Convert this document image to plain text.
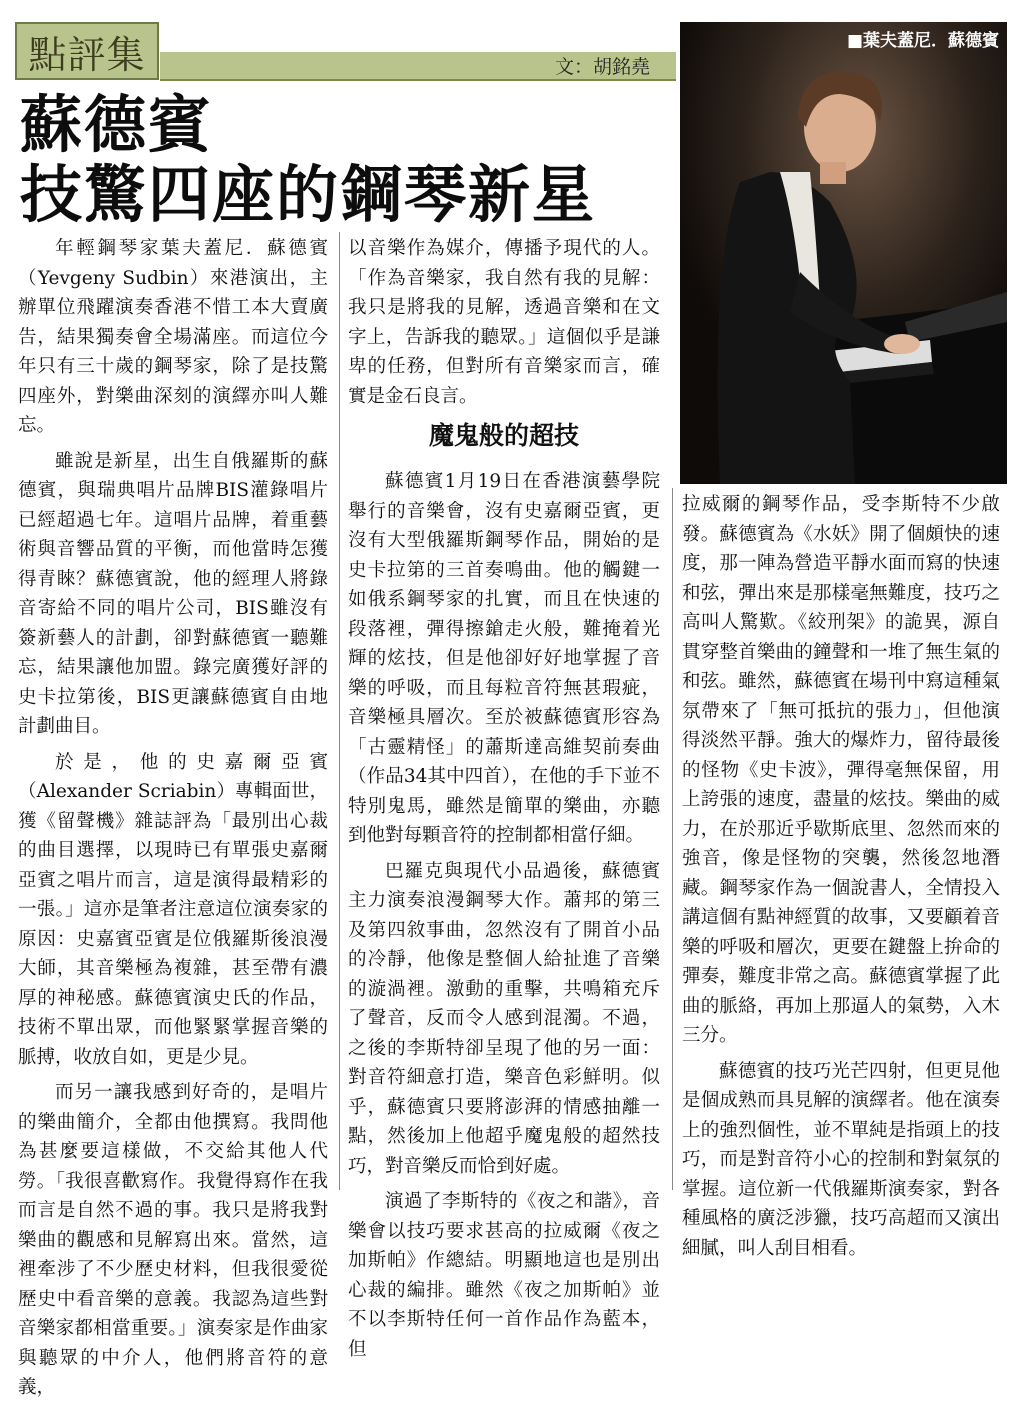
點評集	文：胡銘堯
蘇德賓
技驚四座的鋼琴新星
■葉夫蓋尼．蘇德賓

年輕鋼琴家葉夫蓋尼．蘇德賓（Yevgeny Sudbin）來港演出，主辦單位飛躍演奏香港不惜工本大賣廣告，結果獨奏會全場滿座。而這位今年只有三十歲的鋼琴家，除了是技驚四座外，對樂曲深刻的演繹亦叫人難忘。

雖說是新星，出生自俄羅斯的蘇德賓，與瑞典唱片品牌BIS灌錄唱片已經超過七年。這唱片品牌，着重藝術與音響品質的平衡，而他當時怎獲得青睞？蘇德賓說，他的經理人將錄音寄給不同的唱片公司，BIS雖沒有簽新藝人的計劃，卻對蘇德賓一聽難忘，結果讓他加盟。錄完廣獲好評的史卡拉第後，BIS更讓蘇德賓自由地計劃曲目。

於是，他的史嘉爾亞賓（Alexander Scriabin）專輯面世，獲《留聲機》雜誌評為「最別出心裁的曲目選擇，以現時已有單張史嘉爾亞賓之唱片而言，這是演得最精彩的一張。」這亦是筆者注意這位演奏家的原因：史嘉賓亞賓是位俄羅斯後浪漫大師，其音樂極為複雜，甚至帶有濃厚的神秘感。蘇德賓演史氏的作品，技術不單出眾，而他緊緊掌握音樂的脈搏，收放自如，更是少見。

而另一讓我感到好奇的，是唱片的樂曲簡介，全都由他撰寫。我問他為甚麼要這樣做，不交給其他人代勞。「我很喜歡寫作。我覺得寫作在我而言是自然不過的事。我只是將我對樂曲的觀感和見解寫出來。當然，這裡牽涉了不少歷史材料，但我很愛從歷史中看音樂的意義。我認為這些對音樂家都相當重要。」演奏家是作曲家與聽眾的中介人，他們將音符的意義，

以音樂作為媒介，傳播予現代的人。「作為音樂家，我自然有我的見解：我只是將我的見解，透過音樂和在文字上，告訴我的聽眾。」這個似乎是謙卑的任務，但對所有音樂家而言，確實是金石良言。

魔鬼般的超技

蘇德賓1月19日在香港演藝學院舉行的音樂會，沒有史嘉爾亞賓，更沒有大型俄羅斯鋼琴作品，開始的是史卡拉第的三首奏鳴曲。他的觸鍵一如俄系鋼琴家的扎實，而且在快速的段落裡，彈得擦鎗走火般，難掩着光輝的炫技，但是他卻好好地掌握了音樂的呼吸，而且每粒音符無甚瑕疵，音樂極具層次。至於被蘇德賓形容為「古靈精怪」的蕭斯達高維契前奏曲（作品34其中四首），在他的手下並不特別鬼馬，雖然是簡單的樂曲，亦聽到他對每顆音符的控制都相當仔細。

巴羅克與現代小品過後，蘇德賓主力演奏浪漫鋼琴大作。蕭邦的第三及第四敘事曲，忽然沒有了開首小品的冷靜，他像是整個人給扯進了音樂的漩渦裡。激動的重擊，共鳴箱充斥了聲音，反而令人感到混濁。不過，之後的李斯特卻呈現了他的另一面：對音符細意打造，樂音色彩鮮明。似乎，蘇德賓只要將澎湃的情感抽離一點，然後加上他超乎魔鬼般的超然技巧，對音樂反而恰到好處。

演過了李斯特的《夜之和諧》，音樂會以技巧要求甚高的拉威爾《夜之加斯帕》作總結。明顯地這也是別出心裁的編排。雖然《夜之加斯帕》並不以李斯特任何一首作品作為藍本，但

拉威爾的鋼琴作品，受李斯特不少啟發。蘇德賓為《水妖》開了個頗快的速度，那一陣為營造平靜水面而寫的快速和弦，彈出來是那樣毫無難度，技巧之高叫人驚歎。《絞刑架》的詭異，源自貫穿整首樂曲的鐘聲和一堆了無生氣的和弦。雖然，蘇德賓在場刊中寫這種氣氛帶來了「無可抵抗的張力」，但他演得淡然平靜。強大的爆炸力，留待最後的怪物《史卡波》，彈得毫無保留，用上誇張的速度，盡量的炫技。樂曲的威力，在於那近乎歇斯底里、忽然而來的強音，像是怪物的突襲，然後忽地潛藏。鋼琴家作為一個說書人，全情投入講這個有點神經質的故事，又要顧着音樂的呼吸和層次，更要在鍵盤上拚命的彈奏，難度非常之高。蘇德賓掌握了此曲的脈絡，再加上那逼人的氣勢，入木三分。

蘇德賓的技巧光芒四射，但更見他是個成熟而具見解的演繹者。他在演奏上的強烈個性，並不單純是指頭上的技巧，而是對音符小心的控制和對氣氛的掌握。這位新一代俄羅斯演奏家，對各種風格的廣泛涉獵，技巧高超而又演出細膩，叫人刮目相看。
